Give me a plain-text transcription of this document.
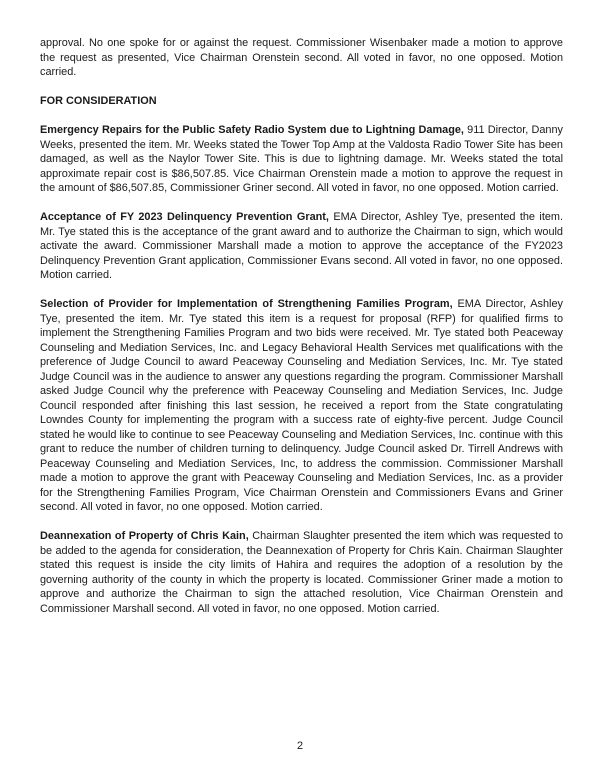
approval. No one spoke for or against the request. Commissioner Wisenbaker made a motion to approve the request as presented, Vice Chairman Orenstein second. All voted in favor, no one opposed. Motion carried.

FOR CONSIDERATION

Emergency Repairs for the Public Safety Radio System due to Lightning Damage, 911 Director, Danny Weeks, presented the item. Mr. Weeks stated the Tower Top Amp at the Valdosta Radio Tower Site has been damaged, as well as the Naylor Tower Site. This is due to lightning damage. Mr. Weeks stated the total approximate repair cost is $86,507.85. Vice Chairman Orenstein made a motion to approve the request in the amount of $86,507.85, Commissioner Griner second. All voted in favor, no one opposed. Motion carried.

Acceptance of FY 2023 Delinquency Prevention Grant, EMA Director, Ashley Tye, presented the item. Mr. Tye stated this is the acceptance of the grant award and to authorize the Chairman to sign, which would activate the award. Commissioner Marshall made a motion to approve the acceptance of the FY2023 Delinquency Prevention Grant application, Commissioner Evans second. All voted in favor, no one opposed. Motion carried.

Selection of Provider for Implementation of Strengthening Families Program, EMA Director, Ashley Tye, presented the item. Mr. Tye stated this item is a request for proposal (RFP) for qualified firms to implement the Strengthening Families Program and two bids were received. Mr. Tye stated both Peaceway Counseling and Mediation Services, Inc. and Legacy Behavioral Health Services met qualifications with the preference of Judge Council to award Peaceway Counseling and Mediation Services, Inc. Mr. Tye stated Judge Council was in the audience to answer any questions regarding the program. Commissioner Marshall asked Judge Council why the preference with Peaceway Counseling and Mediation Services, Inc. Judge Council responded after finishing this last session, he received a report from the State congratulating Lowndes County for implementing the program with a success rate of eighty-five percent. Judge Council stated he would like to continue to see Peaceway Counseling and Mediation Services, Inc. continue with this grant to reduce the number of children turning to delinquency. Judge Council asked Dr. Tirrell Andrews with Peaceway Counseling and Mediation Services, Inc, to address the commission. Commissioner Marshall made a motion to approve the grant with Peaceway Counseling and Mediation Services, Inc. as a provider for the Strengthening Families Program, Vice Chairman Orenstein and Commissioners Evans and Griner second. All voted in favor, no one opposed. Motion carried.

Deannexation of Property of Chris Kain, Chairman Slaughter presented the item which was requested to be added to the agenda for consideration, the Deannexation of Property for Chris Kain. Chairman Slaughter stated this request is inside the city limits of Hahira and requires the adoption of a resolution by the governing authority of the county in which the property is located. Commissioner Griner made a motion to approve and authorize the Chairman to sign the attached resolution, Vice Chairman Orenstein and Commissioner Marshall second. All voted in favor, no one opposed. Motion carried.

2
